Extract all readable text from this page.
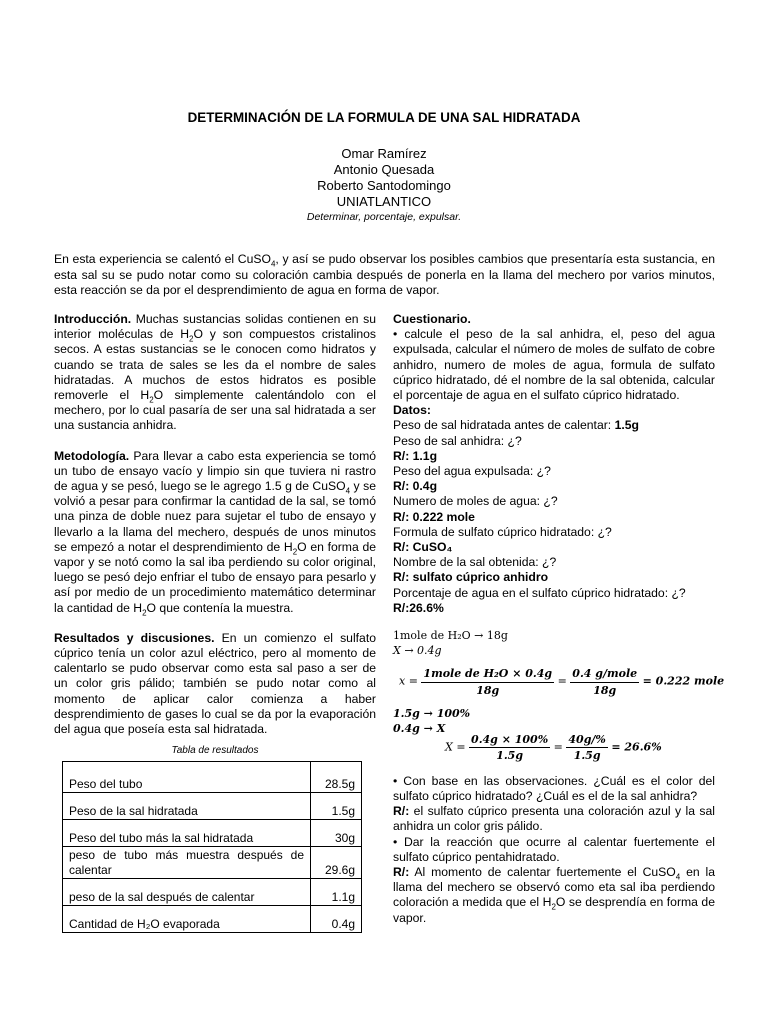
DETERMINACIÓN DE LA FORMULA DE UNA SAL HIDRATADA
Omar Ramírez
Antonio Quesada
Roberto Santodomingo
UNIATLANTICO
Determinar, porcentaje, expulsar.
En esta experiencia se calentó el CuSO$_4$, y así se pudo observar los posibles cambios que presentaría esta sustancia, en esta sal su se pudo notar como su coloración cambia después de ponerla en la llama del mechero por varios minutos, esta reacción se da por el desprendimiento de agua en forma de vapor.

Introducción. Muchas sustancias solidas contienen en su interior moléculas de $H_2O$ y son compuestos cristalinos secos. A estas sustancias se le conocen como hidratos y cuando se trata de sales se les da el nombre de sales hidratadas. A muchos de estos hidratos es posible removerle el $H_2O$ simplemente calentándolo con el mechero, por lo cual pasaría de ser una sal hidratada a ser una sustancia anhidra.

Metodología. Para llevar a cabo esta experiencia se tomó un tubo de ensayo vacío y limpio sin que tuviera ni rastro de agua y se pesó, luego se le agrego 1.5 g de CuSO$_4$ y se volvió a pesar para confirmar la cantidad de la sal, se tomó una pinza de doble nuez para sujetar el tubo de ensayo y llevarlo a la llama del mechero, después de unos minutos se empezó a notar el desprendimiento de $H_2O$ en forma de vapor y se notó como la sal iba perdiendo su color original, luego se pesó dejo enfriar el tubo de ensayo para pesarlo y así por medio de un procedimiento matemático determinar la cantidad de $H_2O$ que contenía la muestra.

Resultados y discusiones. En un comienzo el sulfato cúprico tenía un color azul eléctrico, pero al momento de calentarlo se pudo observar como esta sal paso a ser de un color gris pálido; también se pudo notar como al momento de aplicar calor comienza a haber desprendimiento de gases lo cual se da por la evaporación del agua que poseía esta sal hidratada.

Tabla de resultados
Peso del tubo	28.5g
Peso de la sal hidratada	1.5g
Peso del tubo más la sal hidratada	30g
peso de tubo más muestra después de calentar	29.6g
peso de la sal después de calentar	1.1g
Cantidad de H₂O evaporada	0.4g

Cuestionario.

• calcule el peso de la sal anhidra, el, peso del agua expulsada, calcular el número de moles de sulfato de cobre anhidro, numero de moles de agua, formula de sulfato cúprico hidratado, dé el nombre de la sal obtenida, calcular el porcentaje de agua en el sulfato cúprico hidratado.

Datos:

Peso de sal hidratada antes de calentar: 1.5g

Peso de sal anhidra: ¿?

R/: 1.1g

Peso del agua expulsada: ¿?

R/: 0.4g

Numero de moles de agua: ¿?

R/: 0.222 mole

Formula de sulfato cúprico hidratado: ¿?

R/: CuSO₄

Nombre de la sal obtenida: ¿?

R/: sulfato cúprico anhidro

Porcentaje de agua en el sulfato cúprico hidratado: ¿?

R/:26.6%

1mole de H₂O → 18g

X → 0.4g

$x = \frac{\text{1mole de H₂O × 0.4g}}{18g} = \frac{\text{0.4 g/mole}}{18g} = 0.222$ mole

1.5g → 100%

0.4g → X

$X = \frac{0.4g \times 100\%}{1.5g} = \frac{40g/\%}{1.5g} = 26.6\%$

• Con base en las observaciones. ¿Cuál es el color del sulfato cúprico hidratado? ¿Cuál es el de la sal anhidra?

R/: el sulfato cúprico presenta una coloración azul y la sal anhidra un color gris pálido.

• Dar la reacción que ocurre al calentar fuertemente el sulfato cúprico pentahidratado.

R/: Al momento de calentar fuertemente el CuSO$_4$ en la llama del mechero se observó como eta sal iba perdiendo coloración a medida que el $H_2O$ se desprendía en forma de vapor.
